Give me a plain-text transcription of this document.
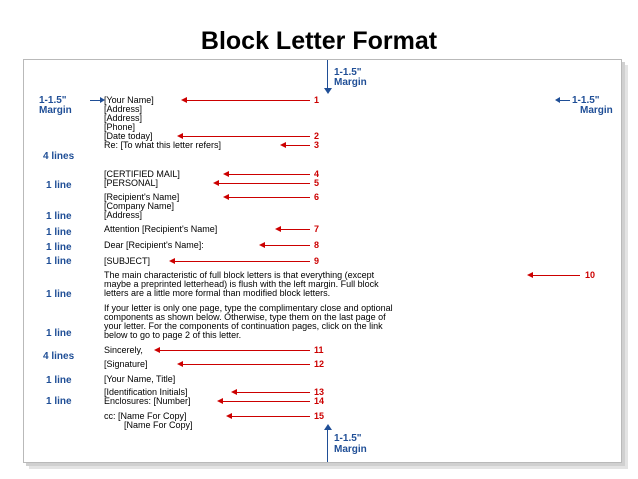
Block Letter Format
1-1.5"
Margin
1-1.5"
Margin
1-1.5"
Margin
1-1.5"
Margin
4 lines
1 line
1 line
1 line
1 line
1 line
1 line
1 line
4 lines
1 line
1 line
[Your Name]
[Address]
[Address]
[Phone]
[Date today]
Re: [To what this letter refers]
[CERTIFIED MAIL]
[PERSONAL]
[Recipient's Name]
[Company Name]
[Address]
Attention [Recipient's Name]
Dear [Recipient's Name]:
[SUBJECT]
The main characteristic of full block letters is that everything (except
maybe a preprinted letterhead) is flush with the left margin. Full block
letters are a little more formal than modified block letters.
If your letter is only one page, type the complimentary close and optional
components as shown below. Otherwise, type them on the last page of
your letter. For the components of continuation pages, click on the link
below to go to page 2 of this letter.
Sincerely,
[Signature]
[Your Name, Title]
[Identification Initials]
Enclosures: [Number]
cc: [Name For Copy]
[Name For Copy]
1
2
3
4
5
6
7
8
9
10
11
12
13
14
15
